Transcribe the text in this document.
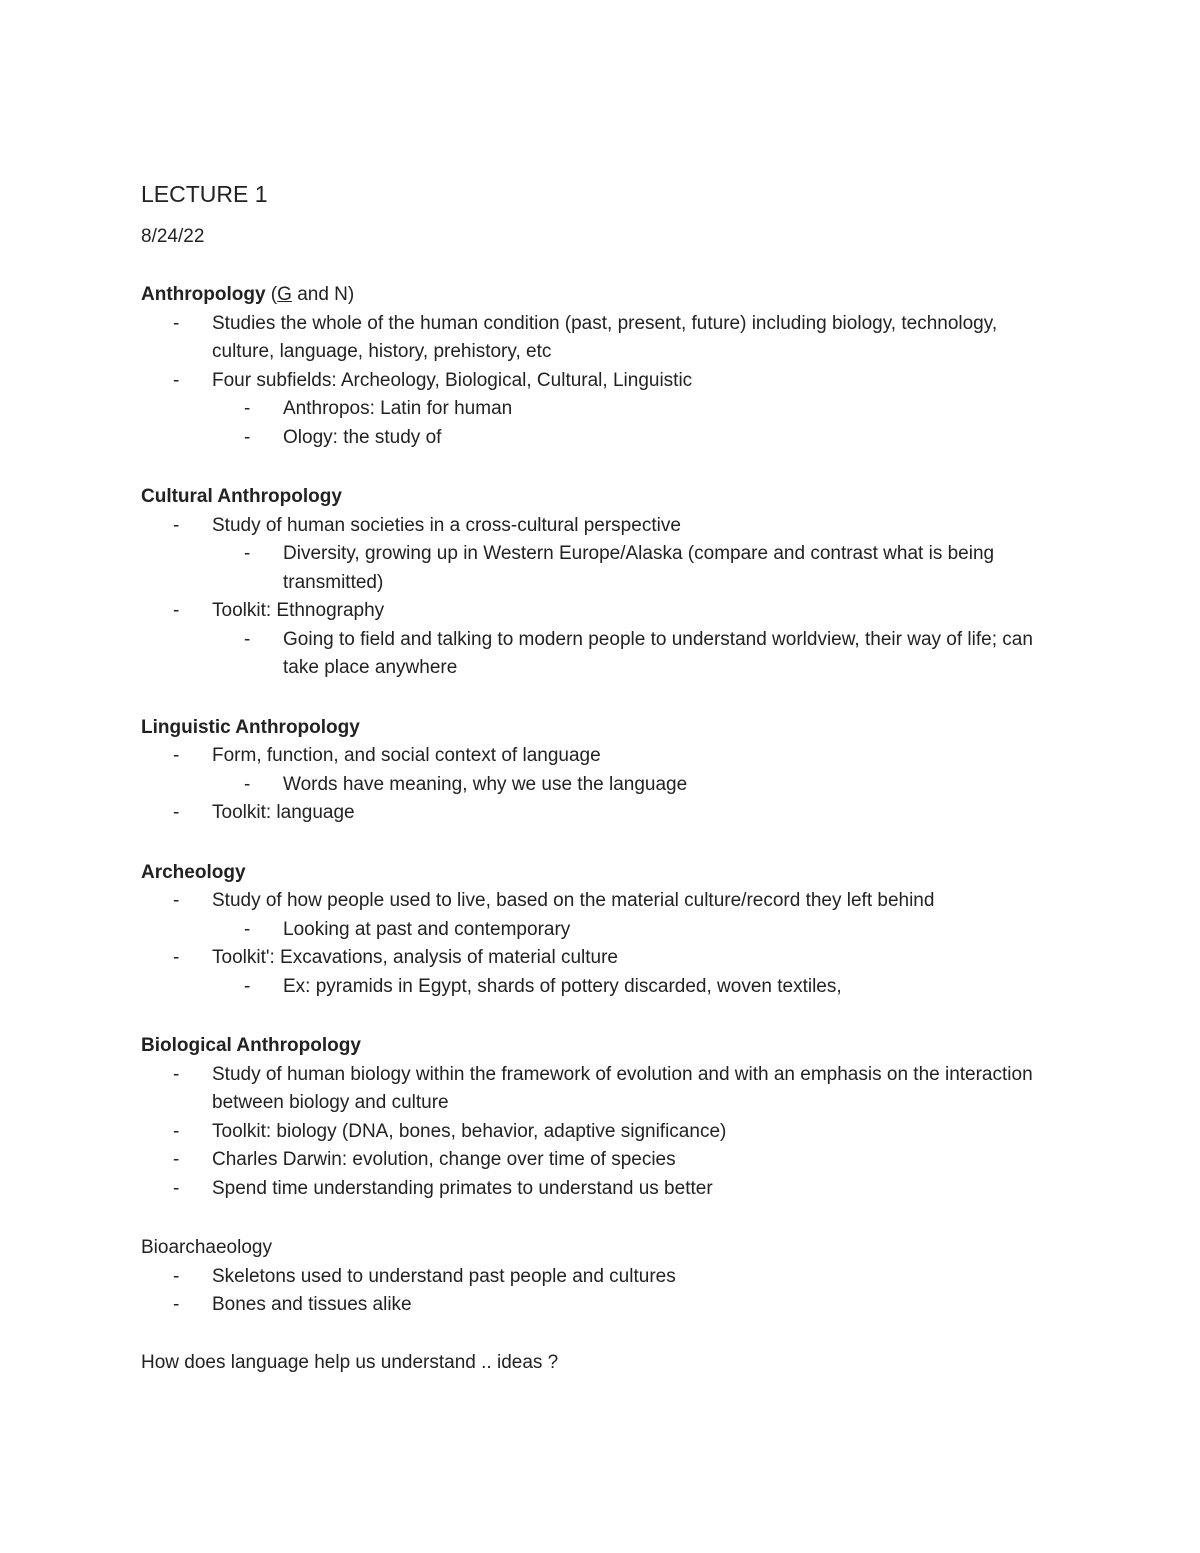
LECTURE 1
8/24/22
Anthropology (G and N)
- Studies the whole of the human condition (past, present, future) including biology, technology, culture, language, history, prehistory, etc
- Four subfields: Archeology, Biological, Cultural, Linguistic
- Anthropos: Latin for human
- Ology: the study of
Cultural Anthropology
- Study of human societies in a cross-cultural perspective
- Diversity, growing up in Western Europe/Alaska (compare and contrast what is being transmitted)
- Toolkit: Ethnography
- Going to field and talking to modern people to understand worldview, their way of life; can take place anywhere
Linguistic Anthropology
- Form, function, and social context of language
- Words have meaning, why we use the language
- Toolkit: language
Archeology
- Study of how people used to live, based on the material culture/record they left behind
- Looking at past and contemporary
- Toolkit': Excavations, analysis of material culture
- Ex: pyramids in Egypt, shards of pottery discarded, woven textiles,
Biological Anthropology
- Study of human biology within the framework of evolution and with an emphasis on the interaction between biology and culture
- Toolkit: biology (DNA, bones, behavior, adaptive significance)
- Charles Darwin: evolution, change over time of species
- Spend time understanding primates to understand us better
Bioarchaeology
- Skeletons used to understand past people and cultures
- Bones and tissues alike
How does language help us understand .. ideas ?
